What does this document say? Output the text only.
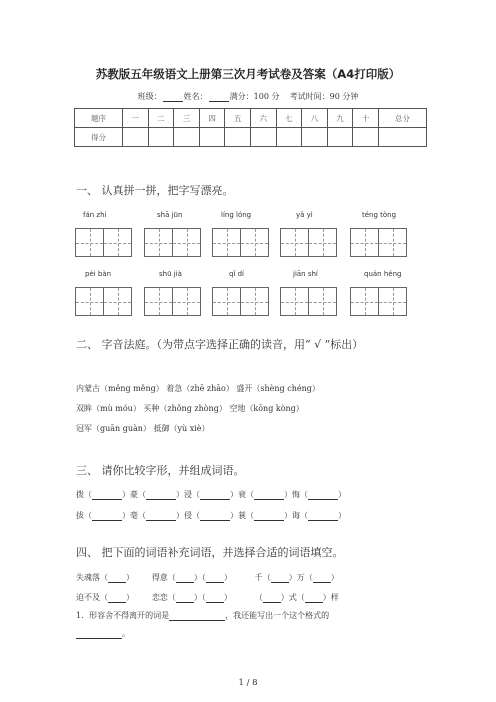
苏教版五年级语文上册第三次月考试卷及答案（A4打印版）
班级：	姓名：	满分：100 分 考试时间：90 分钟
题序	一	二	三	四	五	六	七	八	九	十	总分
得分											
一、 认真拼一拼，把字写漂亮。
fán zhí	shā jūn	líng lóng	yǎ yì	téng tòng
pèi bàn	shū jià	qǐ dí	jiān shí	quán héng
二、 字音法庭。（为带点字选择正确的读音，用“ √ ”标出）
内蒙古（měng měng） 着急（zhē zhāo） 盛开（shèng chéng）
双眸（mù móu） 买种（zhǒng zhòng） 空地（kōng kòng）
冠军（guān guàn） 抵御（yù xiè）
三、 请你比较字形，并组成词语。
拨（	）豪（	）浸（	）衰（	）悔（	）
拔（	）毫（	）侵（	）蓑（	）诲（	）
四、 把下面的词语补充词语，并选择合适的词语填空。
失魂落（ ） 得意（ ）（ ）	千（ ）万（ ）
迫不及（ ） 恋恋（ ）（ ）	（ ）式（ ）样
1．形容舍不得离开的词是	，我还能写出一个这个格式的
。
1 / 8
